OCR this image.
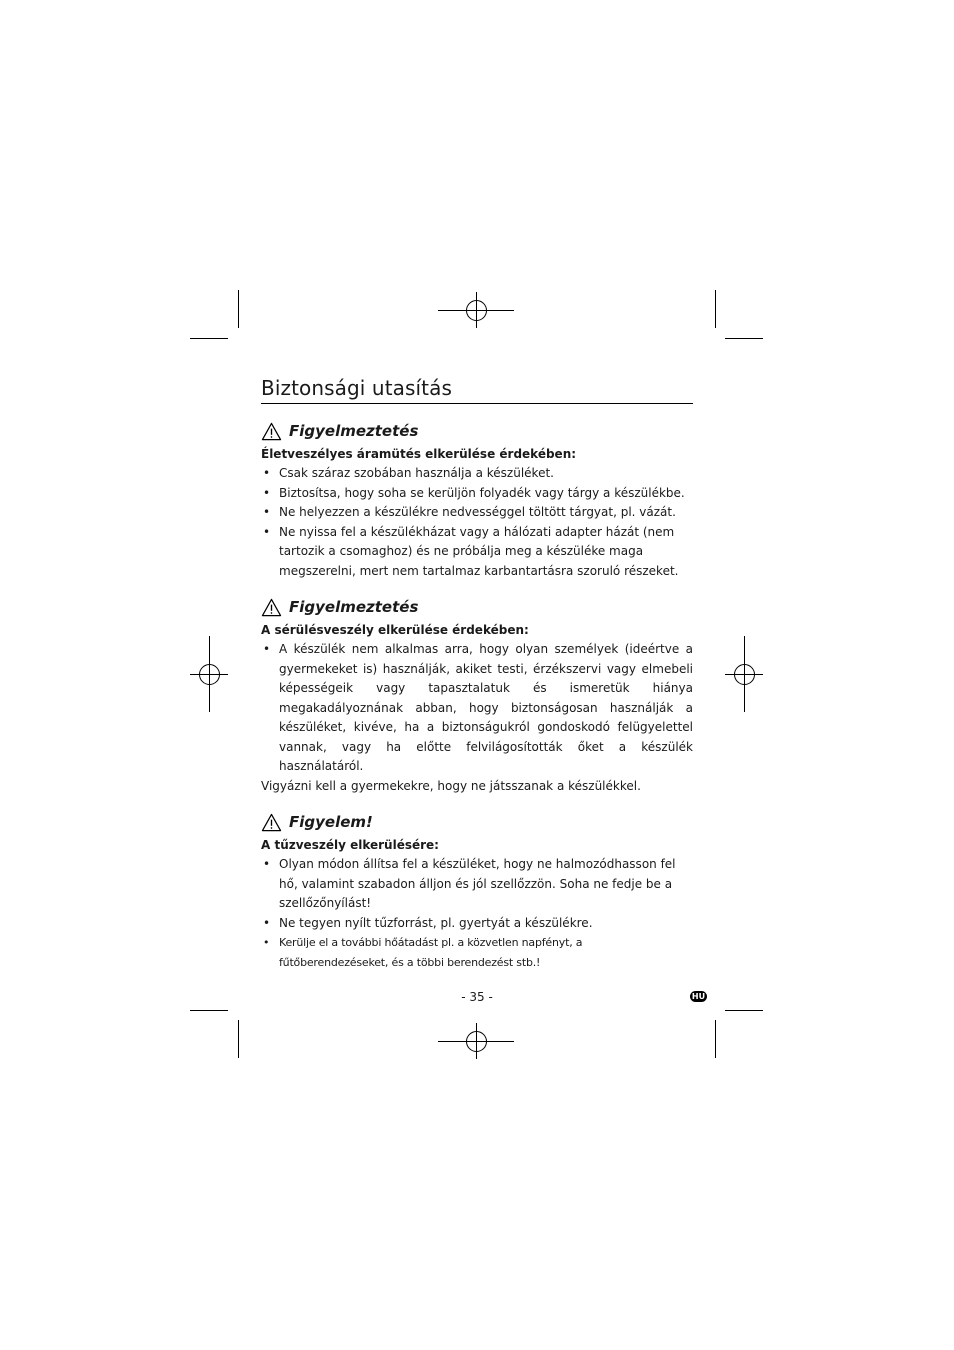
Biztonsági utasítás
Figyelmeztetés
Életveszélyes áramütés elkerülése érdekében:
• Csak száraz szobában használja a készüléket.
• Biztosítsa, hogy soha se kerüljön folyadék vagy tárgy a készülékbe.
• Ne helyezzen a készülékre nedvességgel töltött tárgyat, pl. vázát.
• Ne nyissa fel a készülékházat vagy a hálózati adapter házát (nem tartozik a csomaghoz) és ne próbálja meg a készüléke maga megszerelni, mert nem tartalmaz karbantartásra szoruló részeket.
Figyelmeztetés
A sérülésveszély elkerülése érdekében:
• A készülék nem alkalmas arra, hogy olyan személyek (ideértve a gyermekeket is) használják, akiket testi, érzékszervi vagy elmebeli képességeik vagy tapasztalatuk és ismeretük hiánya megakadályoznának abban, hogy biztonságosan használják a készüléket, kivéve, ha a biztonságukról gondoskodó felügyelettel vannak, vagy ha előtte felvilágosították őket a készülék használatáról.
Vigyázni kell a gyermekekre, hogy ne játsszanak a készülékkel.
Figyelem!
A tűzveszély elkerülésére:
• Olyan módon állítsa fel a készüléket, hogy ne halmozódhasson fel hő, valamint szabadon álljon és jól szellőzzön. Soha ne fedje be a szellőzőnyílást!
• Ne tegyen nyílt tűzforrást, pl. gyertyát a készülékre.
• Kerülje el a további hőátadást pl. a közvetlen napfényt, a fűtőberendezéseket, és a többi berendezést stb.!
- 35 -	HU
